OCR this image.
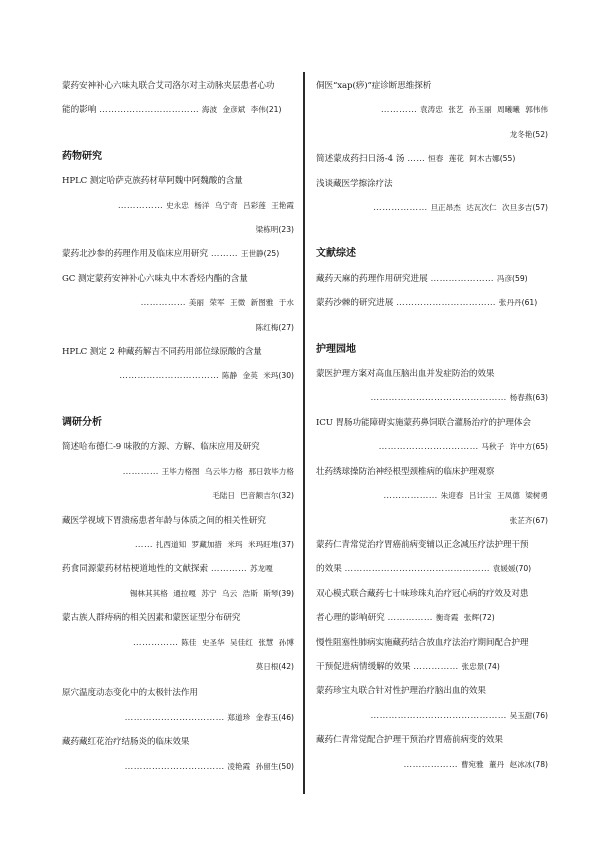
蒙药安神补心六味丸联合艾司洛尔对主动脉夹层患者心功
能的影响 …………………………… 海波 金彦斌 李伟(21)
药物研究
HPLC 测定哈萨克族药材草阿魏中阿魏酸的含量
…………… 史永忠 杨洋 乌宁奇 吕彩莲 王艳霞
梁栋明(23)
蒙药北沙参的药理作用及临床应用研究 ……… 王世静(25)
GC 测定蒙药安神补心六味丸中木香烃内酯的含量
…………… 美丽 荣军 王微 新图雅 于水
陈红梅(27)
HPLC 测定 2 种藏药解吉不同药用部位绿原酸的含量
…………………………… 陈静 金英 米玛(30)
调研分析
简述哈布德仁-9 味散的方源、方解、临床应用及研究
………… 王毕力格图 乌云毕力格 那日敦毕力格
毛陆日 巴音额吉尔(32)
藏医学视域下胃溃疡患者年龄与体质之间的相关性研究
…… 扎西道知 罗藏加措 米玛 米玛旺堆(37)
药食同源蒙药材枯梗道地性的文献探索 ………… 苏龙嘎
锡林其其格 通拉嘎 苏宁 乌云 浩斯 斯琴(39)
蒙古族人群痔病的相关因素和蒙医证型分布研究
…………… 陈佳 史圣华 吴佳红 张慧 孙博
莫日根(42)
原穴温度动态变化中的太极针法作用
…………………………… 郑道珍 金春玉(46)
藏药藏红花治疗结肠炎的临床效果
…………………………… 凌艳霞 孙留生(50)
侗医“xap(痧)”症诊断思维探析
………… 袁涛忠 张艺 孙玉丽 周曦曦 郭伟伟
龙冬艳(52)
简述蒙成药扫日汤-4 汤 …… 恒春 莲花 阿木古娜(55)
浅谈藏医学擦涂疗法
……………… 旦正昂杰 达瓦次仁 次旦多吉(57)
文献综述
藏药天麻的药理作用研究进展 ………………… 冯彦(59)
蒙药沙棘的研究进展 …………………………… 张丹丹(61)
护理园地
蒙医护理方案对高血压脑出血并发症防治的效果
……………………………………… 杨春燕(63)
ICU 胃肠功能障碍实施蒙药鼻饲联合灌肠治疗的护理体会
…………………………… 马秋子 许中方(65)
壮药绣球操防治神经根型颈椎病的临床护理观察
……………… 朱迎春 吕计宝 王凤德 梁树勇
张芷齐(67)
蒙药仁青常觉治疗胃癌前病变辅以正念减压疗法护理干预
的效果 ………………………………………… 袁媛媛(70)
双心模式联合藏药七十味珍珠丸治疗冠心病的疗效及对患
者心理的影响研究 …………… 衡奇霞 张辉(72)
慢性阻塞性肺病实施藏药结合放血疗法治疗期间配合护理
干预促进病情缓解的效果 …………… 张忠景(74)
蒙药珍宝丸联合针对性护理治疗脑出血的效果
……………………………………… 吴玉甜(76)
藏药仁青常觉配合护理干预治疗胃癌前病变的效果
……………… 曹宛雅 董丹 赵冰冰(78)
